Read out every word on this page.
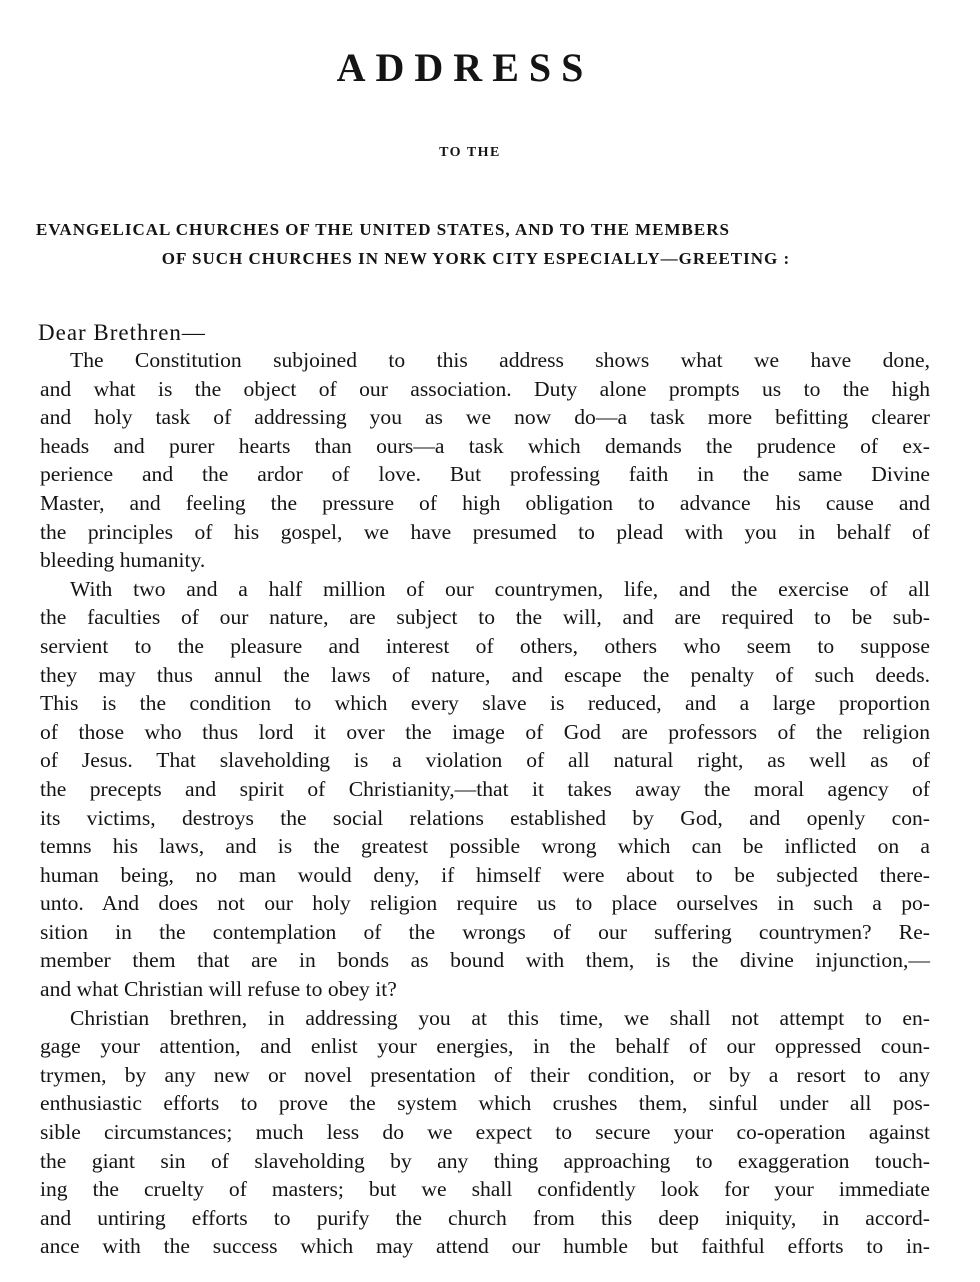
ADDRESS
TO THE
EVANGELICAL CHURCHES OF THE UNITED STATES, AND TO THE MEMBERS
OF SUCH CHURCHES IN NEW YORK CITY ESPECIALLY—GREETING :
Dear Brethren—
The Constitution subjoined to this address shows what we have done,
and what is the object of our association. Duty alone prompts us to the high
and holy task of addressing you as we now do—a task more befitting clearer
heads and purer hearts than ours—a task which demands the prudence of ex-
perience and the ardor of love. But professing faith in the same Divine
Master, and feeling the pressure of high obligation to advance his cause and
the principles of his gospel, we have presumed to plead with you in behalf of
bleeding humanity.
With two and a half million of our countrymen, life, and the exercise of all
the faculties of our nature, are subject to the will, and are required to be sub-
servient to the pleasure and interest of others, others who seem to suppose
they may thus annul the laws of nature, and escape the penalty of such deeds.
This is the condition to which every slave is reduced, and a large proportion
of those who thus lord it over the image of God are professors of the religion
of Jesus. That slaveholding is a violation of all natural right, as well as of
the precepts and spirit of Christianity,—that it takes away the moral agency of
its victims, destroys the social relations established by God, and openly con-
temns his laws, and is the greatest possible wrong which can be inflicted on a
human being, no man would deny, if himself were about to be subjected there-
unto. And does not our holy religion require us to place ourselves in such a po-
sition in the contemplation of the wrongs of our suffering countrymen? Re-
member them that are in bonds as bound with them, is the divine injunction,—
and what Christian will refuse to obey it?
Christian brethren, in addressing you at this time, we shall not attempt to en-
gage your attention, and enlist your energies, in the behalf of our oppressed coun-
trymen, by any new or novel presentation of their condition, or by a resort to any
enthusiastic efforts to prove the system which crushes them, sinful under all pos-
sible circumstances; much less do we expect to secure your co-operation against
the giant sin of slaveholding by any thing approaching to exaggeration touch-
ing the cruelty of masters; but we shall confidently look for your immediate
and untiring efforts to purify the church from this deep iniquity, in accord-
ance with the success which may attend our humble but faithful efforts to in-
